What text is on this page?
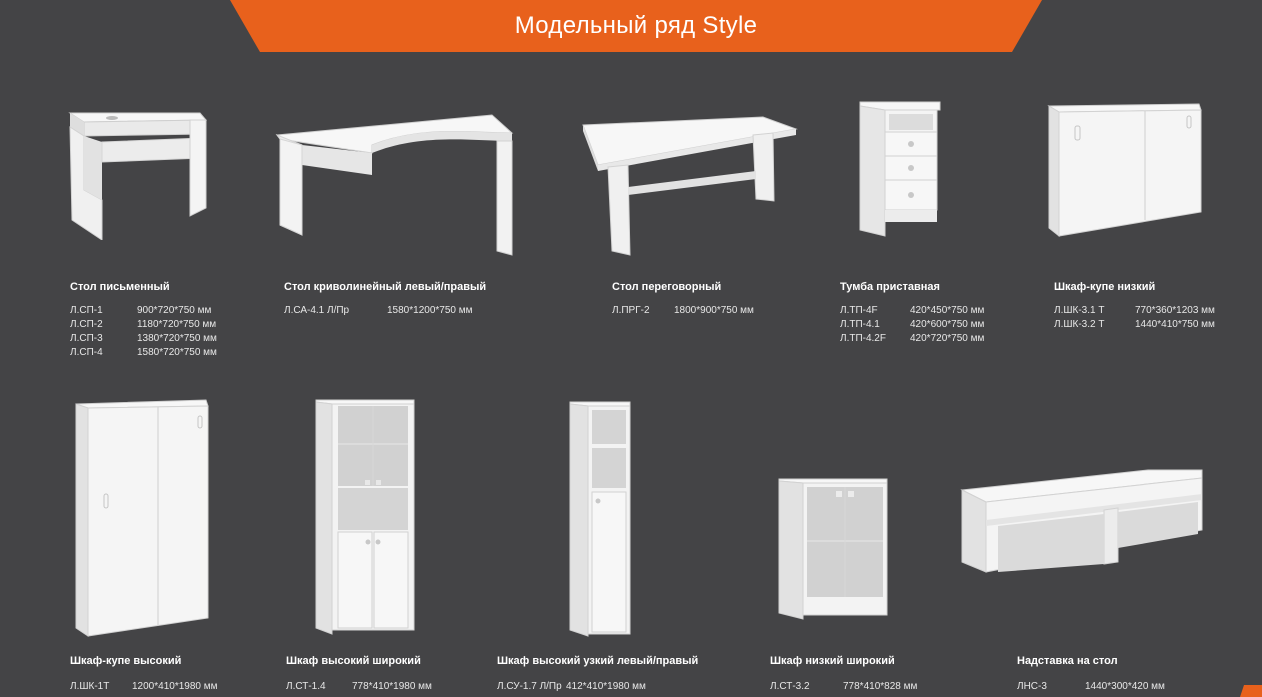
Модельный ряд Style
Стол письменный
Л.СП-1	900*720*750 мм
Л.СП-2	1180*720*750 мм
Л.СП-3	1380*720*750 мм
Л.СП-4	1580*720*750 мм
Стол криволинейный левый/правый
Л.СА-4.1 Л/Пр	1580*1200*750 мм
Стол переговорный
Л.ПРГ-2	1800*900*750 мм
Тумба приставная
Л.ТП-4F	420*450*750 мм
Л.ТП-4.1	420*600*750 мм
Л.ТП-4.2F	420*720*750 мм
Шкаф-купе низкий
Л.ШК-3.1 Т	770*360*1203 мм
Л.ШК-3.2 Т	1440*410*750 мм
Шкаф-купе высокий
Л.ШК-1Т	1200*410*1980 мм
Шкаф высокий широкий
Л.СТ-1.4	778*410*1980 мм
Шкаф высокий узкий левый/правый
Л.СУ-1.7 Л/Пр 412*410*1980 мм
Шкаф низкий широкий
Л.СТ-3.2	778*410*828 мм
Надставка на стол
ЛНС-3	1440*300*420 мм
